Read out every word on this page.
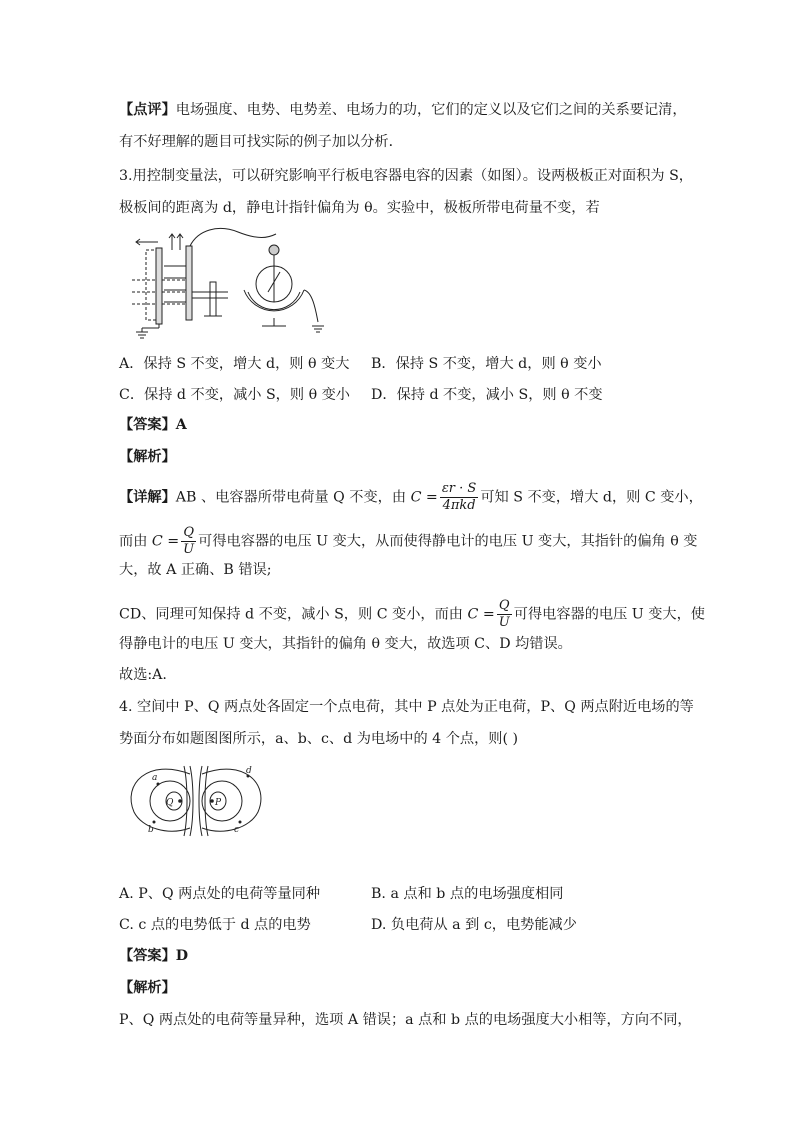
【点评】电场强度、电势、电势差、电场力的功，它们的定义以及它们之间的关系要记清，
有不好理解的题目可找实际的例子加以分析．
3.用控制变量法，可以研究影响平行板电容器电容的因素（如图）。设两极板正对面积为 S，
极板间的距离为 d，静电计指针偏角为 θ。实验中，极板所带电荷量不变，若
A．保持 S 不变，增大 d，则 θ 变大 B．保持 S 不变，增大 d，则 θ 变小
C．保持 d 不变，减小 S，则 θ 变小 D．保持 d 不变，减小 S，则 θ 不变
【答案】A
【解析】
【详解】AB 、电容器所带电荷量 Q 不变，由 $C = \frac{\varepsilon r \cdot S}{\text{4πkd}}$ 可知 S 不变，增大 d，则 C 变小，
而由 $C = \frac{Q}{U}$ 可得电容器的电压 U 变大，从而使得静电计的电压 U 变大，其指针的偏角 θ 变
大，故 A 正确、B 错误;
CD、同理可知保持 d 不变，减小 S，则 C 变小，而由 $C = \frac{Q}{U}$ 可得电容器的电压 U 变大，使
得静电计的电压 U 变大，其指针的偏角 θ 变大，故选项 C、D 均错误。
故选:A.
4. 空间中 P、Q 两点处各固定一个点电荷，其中 P 点处为正电荷，P、Q 两点附近电场的等
势面分布如题图图所示，a、b、c、d 为电场中的 4 个点，则( )
Q	P
a
b	c
d
A. P、Q 两点处的电荷等量同种	B. a 点和 b 点的电场强度相同
C. c 点的电势低于 d 点的电势	D. 负电荷从 a 到 c，电势能减少
【答案】D
【解析】
P、Q 两点处的电荷等量异种，选项 A 错误；a 点和 b 点的电场强度大小相等，方向不同，
